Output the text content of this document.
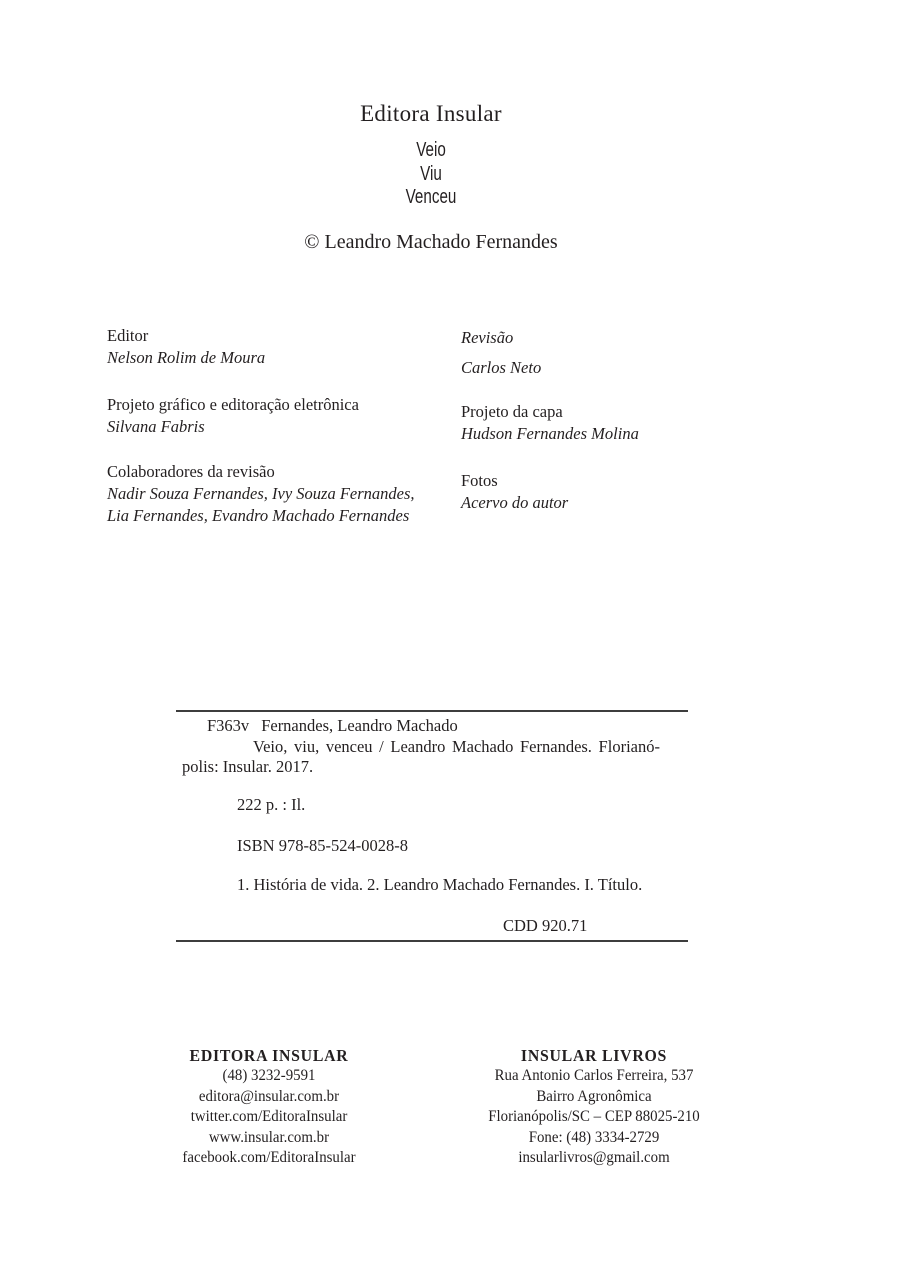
Editora Insular
Veio
Viu
Venceu
© Leandro Machado Fernandes
Editor
Nelson Rolim de Moura
Projeto gráfico e editoração eletrônica
Silvana Fabris
Colaboradores da revisão
Nadir Souza Fernandes, Ivy Souza Fernandes,
Lia Fernandes, Evandro Machado Fernandes
Revisão
Carlos Neto
Projeto da capa
Hudson Fernandes Molina
Fotos
Acervo do autor
F363v Fernandes, Leandro Machado
Veio, viu, venceu / Leandro Machado Fernandes. Florianó-
polis: Insular. 2017.
222 p. : Il.
ISBN 978-85-524-0028-8
1. História de vida. 2. Leandro Machado Fernandes. I. Título.
CDD 920.71
EDITORA INSULAR
(48) 3232-9591
editora@insular.com.br
twitter.com/EditoraInsular
www.insular.com.br
facebook.com/EditoraInsular
INSULAR LIVROS
Rua Antonio Carlos Ferreira, 537
Bairro Agronômica
Florianópolis/SC – CEP 88025-210
Fone: (48) 3334-2729
insularlivros@gmail.com
